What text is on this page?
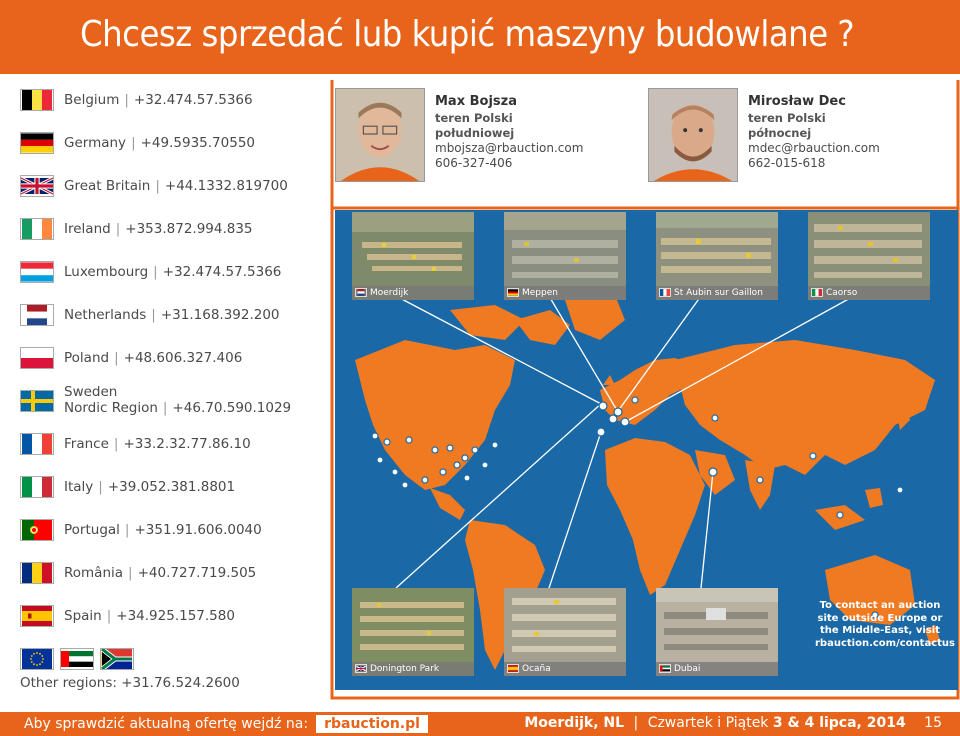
Chcesz sprzedać lub kupić maszyny budowlane ?
Belgium | +32.474.57.5366
Germany | +49.5935.70550
Great Britain | +44.1332.819700
Ireland | +353.872.994.835
Luxembourg | +32.474.57.5366
Netherlands | +31.168.392.200
Poland | +48.606.327.406
Sweden
Nordic Region | +46.70.590.1029
France | +33.2.32.77.86.10
Italy | +39.052.381.8801
Portugal | +351.91.606.0040
România | +40.727.719.505
Spain | +34.925.157.580
Other regions: +31.76.524.2600
Max Bojsza
teren Polski południowej
mbojsza@rbauction.com
606-327-406
Mirosław Dec
teren Polski północnej
mdec@rbauction.com
662-015-618
Moerdijk	Meppen	St Aubin sur Gaillon	Caorso
Donington Park	Ocaña	Dubai
To contact an auction site outside Europe or the Middle-East, visit rbauction.com/contactus
Aby sprawdzić aktualną ofertę wejdź na:	rbauction.pl	Moerdijk, NL | Czwartek i Piątek 3 & 4 lipca, 2014 15
